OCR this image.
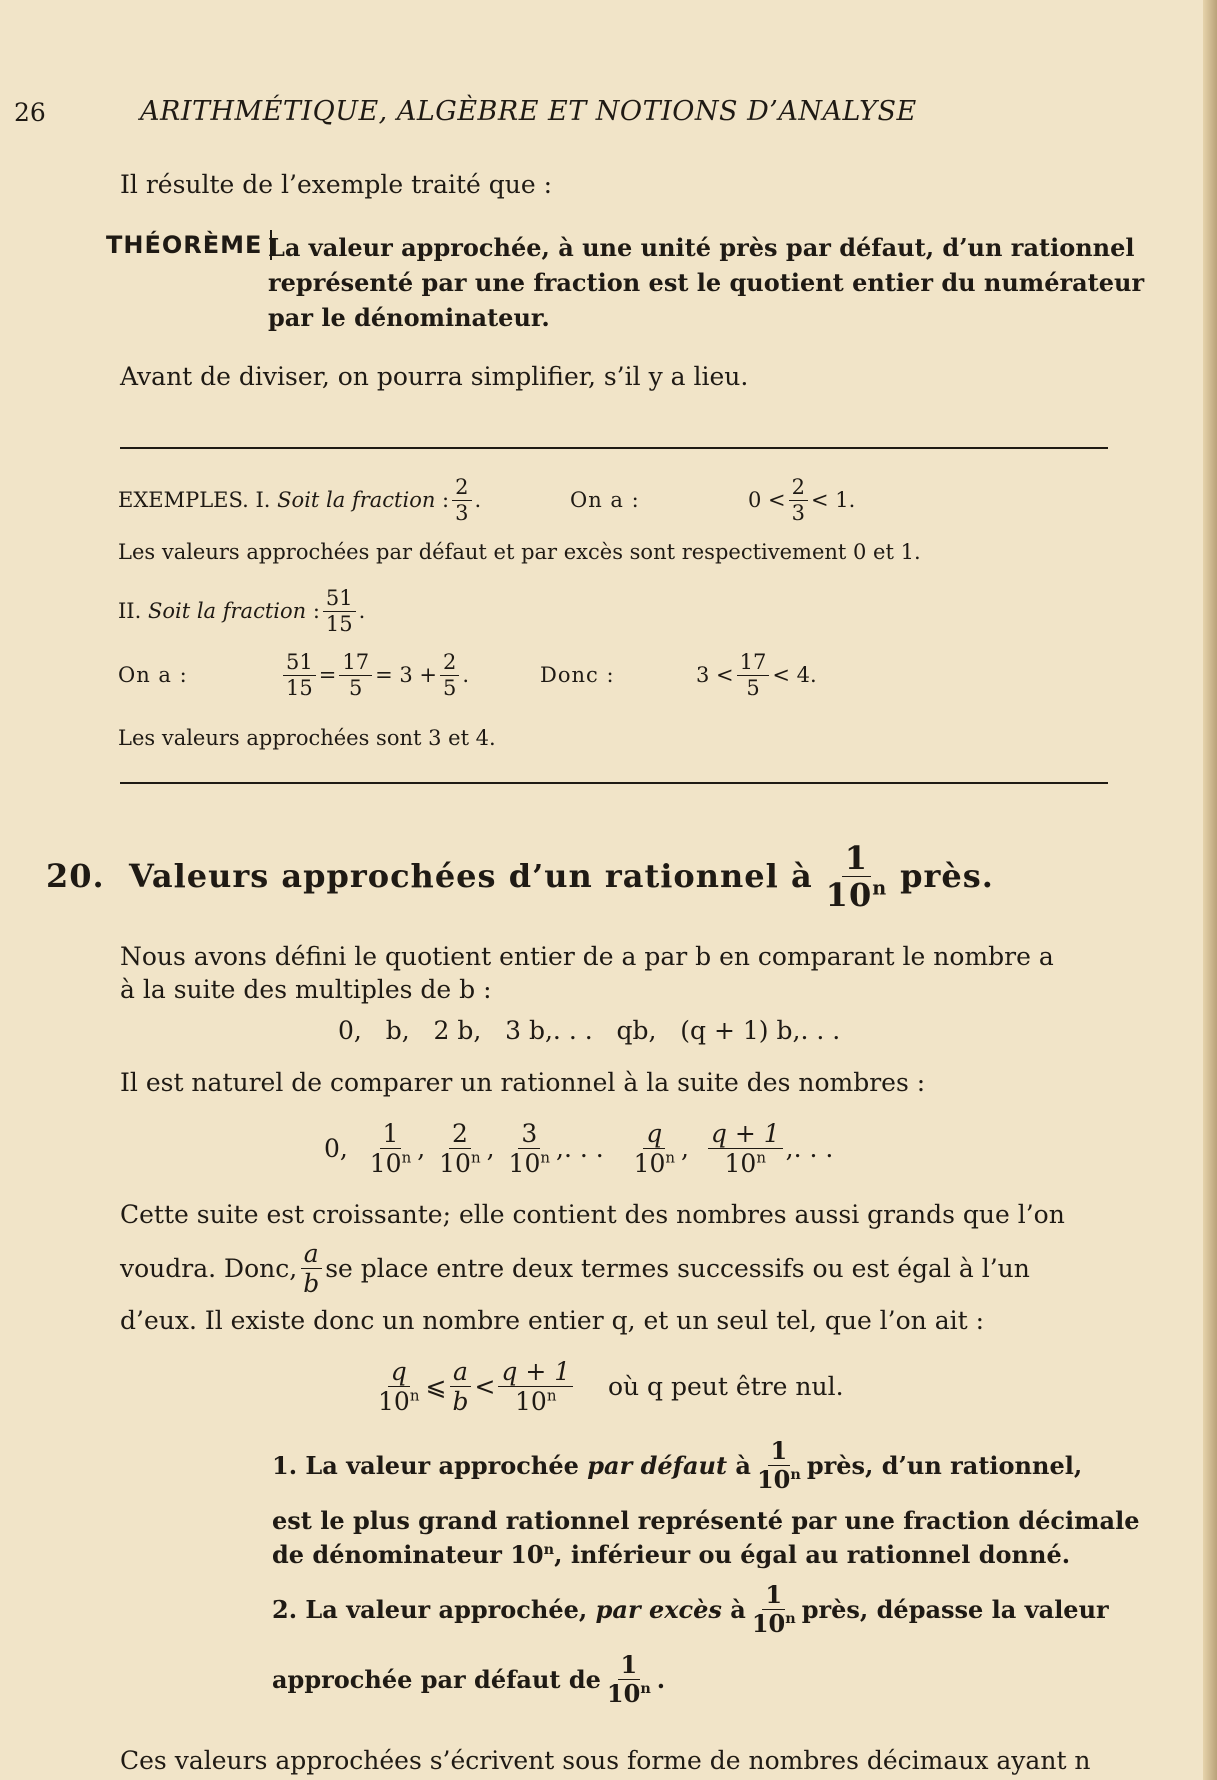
26	ARITHMÉTIQUE, ALGÈBRE ET NOTIONS D’ANALYSE
Il résulte de l’exemple traité que :
THÉORÈME La valeur approchée, à une unité près par défaut, d’un rationnel
représenté par une fraction est le quotient entier du numérateur
par le dénominateur.
Avant de diviser, on pourra simplifier, s’il y a lieu.
EXEMPLES. I.
Soit la fraction
: $\frac{2}{3}$ .	On a :	$0 < \frac{2}{3} < 1$.
Les valeurs approchées par défaut et par excès sont respectivement 0 et 1.
II.
Soit la fraction
: $\frac{51}{15}$ .
On a :	$\frac{51}{15} = \frac{17}{5} = 3 + \frac{2}{5}$ .	Donc :	$3 < \frac{17}{5} < 4$.
Les valeurs approchées sont 3 et 4.
20.
Valeurs approchées d’un rationnel à $\frac{1}{10^n}$ près.
Nous avons défini le quotient entier de a par b en comparant le nombre a
à la suite des multiples de b :
0,   b,   2 b,   3 b,. . .   qb,   (q + 1) b,. . .
Il est naturel de comparer un rationnel à la suite des nombres :
0,
$\frac{1}{10^n}$ ,
$\frac{2}{10^n}$ ,
$\frac{3}{10^n}$ , . . .
$\frac{q}{10^n}$ ,
$\frac{q + 1}{10^n}$ , . . .
Cette suite est croissante; elle contient des nombres aussi grands que l’on
voudra. Donc, $\frac{a}{b}$ se place entre deux termes successifs ou est égal à l’un
d’eux. Il existe donc un nombre entier q, et un seul tel, que l’on ait :
$\frac{q}{10^n}$ ⩽ $\frac{a}{b} < \frac{q + 1}{10^n}$
où q peut être nul.
1. La valeur approchée
par défaut
à $\frac{1}{10^n}$ près, d’un rationnel,
est le plus grand rationnel représenté par une fraction décimale
de dénominateur 10$^n$, inférieur ou égal au rationnel donné.
2. La valeur approchée,
par excès
à $\frac{1}{10^n}$ près, dépasse la valeur
approchée par défaut de $\frac{1}{10^n}$ .
Ces valeurs approchées s’écrivent sous forme de nombres décimaux ayant n
